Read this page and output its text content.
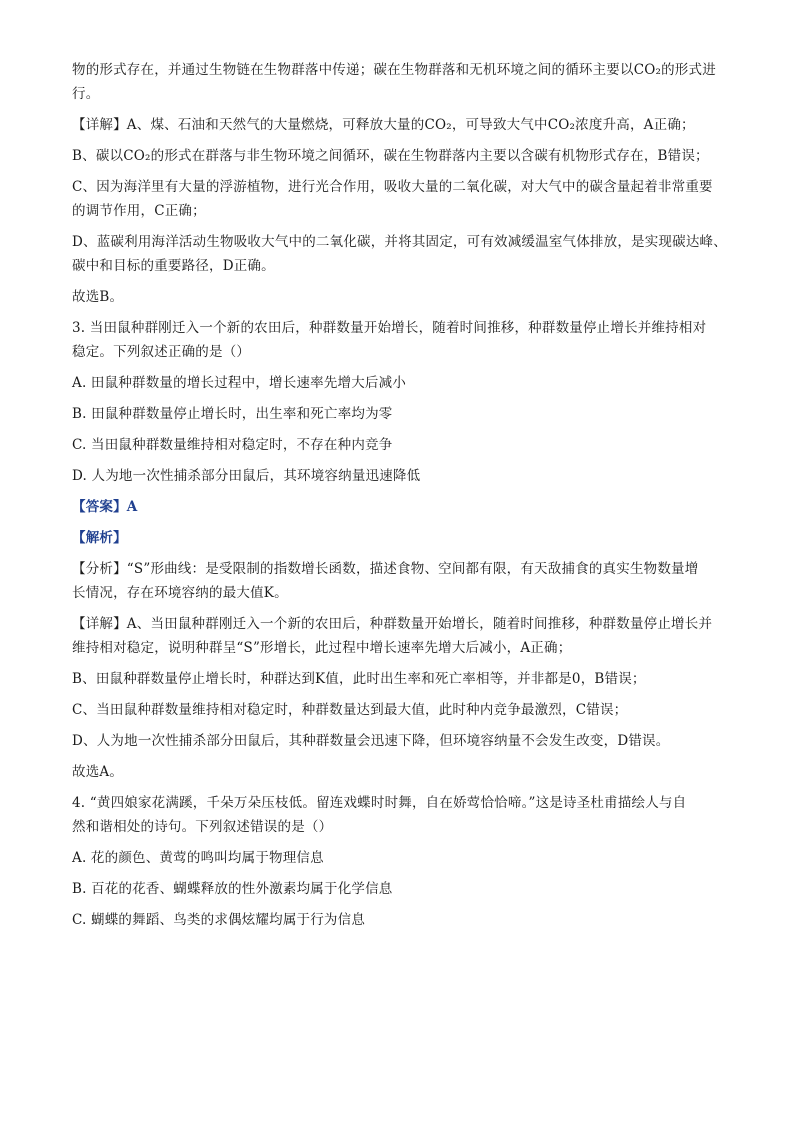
物的形式存在，并通过生物链在生物群落中传递；碳在生物群落和无机环境之间的循环主要以CO₂的形式进
行。
【详解】A、煤、石油和天然气的大量燃烧，可释放大量的CO₂，可导致大气中CO₂浓度升高，A正确；
B、碳以CO₂的形式在群落与非生物环境之间循环，碳在生物群落内主要以含碳有机物形式存在，B错误；
C、因为海洋里有大量的浮游植物，进行光合作用，吸收大量的二氧化碳，对大气中的碳含量起着非常重要
的调节作用，C正确；
D、蓝碳利用海洋活动生物吸收大气中的二氧化碳，并将其固定，可有效减缓温室气体排放，是实现碳达峰、
碳中和目标的重要路径，D正确。
故选B。
3. 当田鼠种群刚迁入一个新的农田后，种群数量开始增长，随着时间推移，种群数量停止增长并维持相对
稳定。下列叙述正确的是（）
A. 田鼠种群数量的增长过程中，增长速率先增大后减小
B. 田鼠种群数量停止增长时，出生率和死亡率均为零
C. 当田鼠种群数量维持相对稳定时，不存在种内竞争
D. 人为地一次性捕杀部分田鼠后，其环境容纳量迅速降低
【答案】A
【解析】
【分析】“S”形曲线：是受限制的指数增长函数，描述食物、空间都有限，有天敌捕食的真实生物数量增
长情况，存在环境容纳的最大值K。
【详解】A、当田鼠种群刚迁入一个新的农田后，种群数量开始增长，随着时间推移，种群数量停止增长并
维持相对稳定，说明种群呈“S”形增长，此过程中增长速率先增大后减小，A正确；
B、田鼠种群数量停止增长时，种群达到K值，此时出生率和死亡率相等，并非都是0，B错误；
C、当田鼠种群数量维持相对稳定时，种群数量达到最大值，此时种内竞争最激烈，C错误；
D、人为地一次性捕杀部分田鼠后，其种群数量会迅速下降，但环境容纳量不会发生改变，D错误。
故选A。
4. “黄四娘家花满蹊，千朵万朵压枝低。留连戏蝶时时舞，自在娇莺恰恰啼。”这是诗圣杜甫描绘人与自
然和谐相处的诗句。下列叙述错误的是（）
A. 花的颜色、黄莺的鸣叫均属于物理信息
B. 百花的花香、蝴蝶释放的性外激素均属于化学信息
C. 蝴蝶的舞蹈、鸟类的求偶炫耀均属于行为信息
